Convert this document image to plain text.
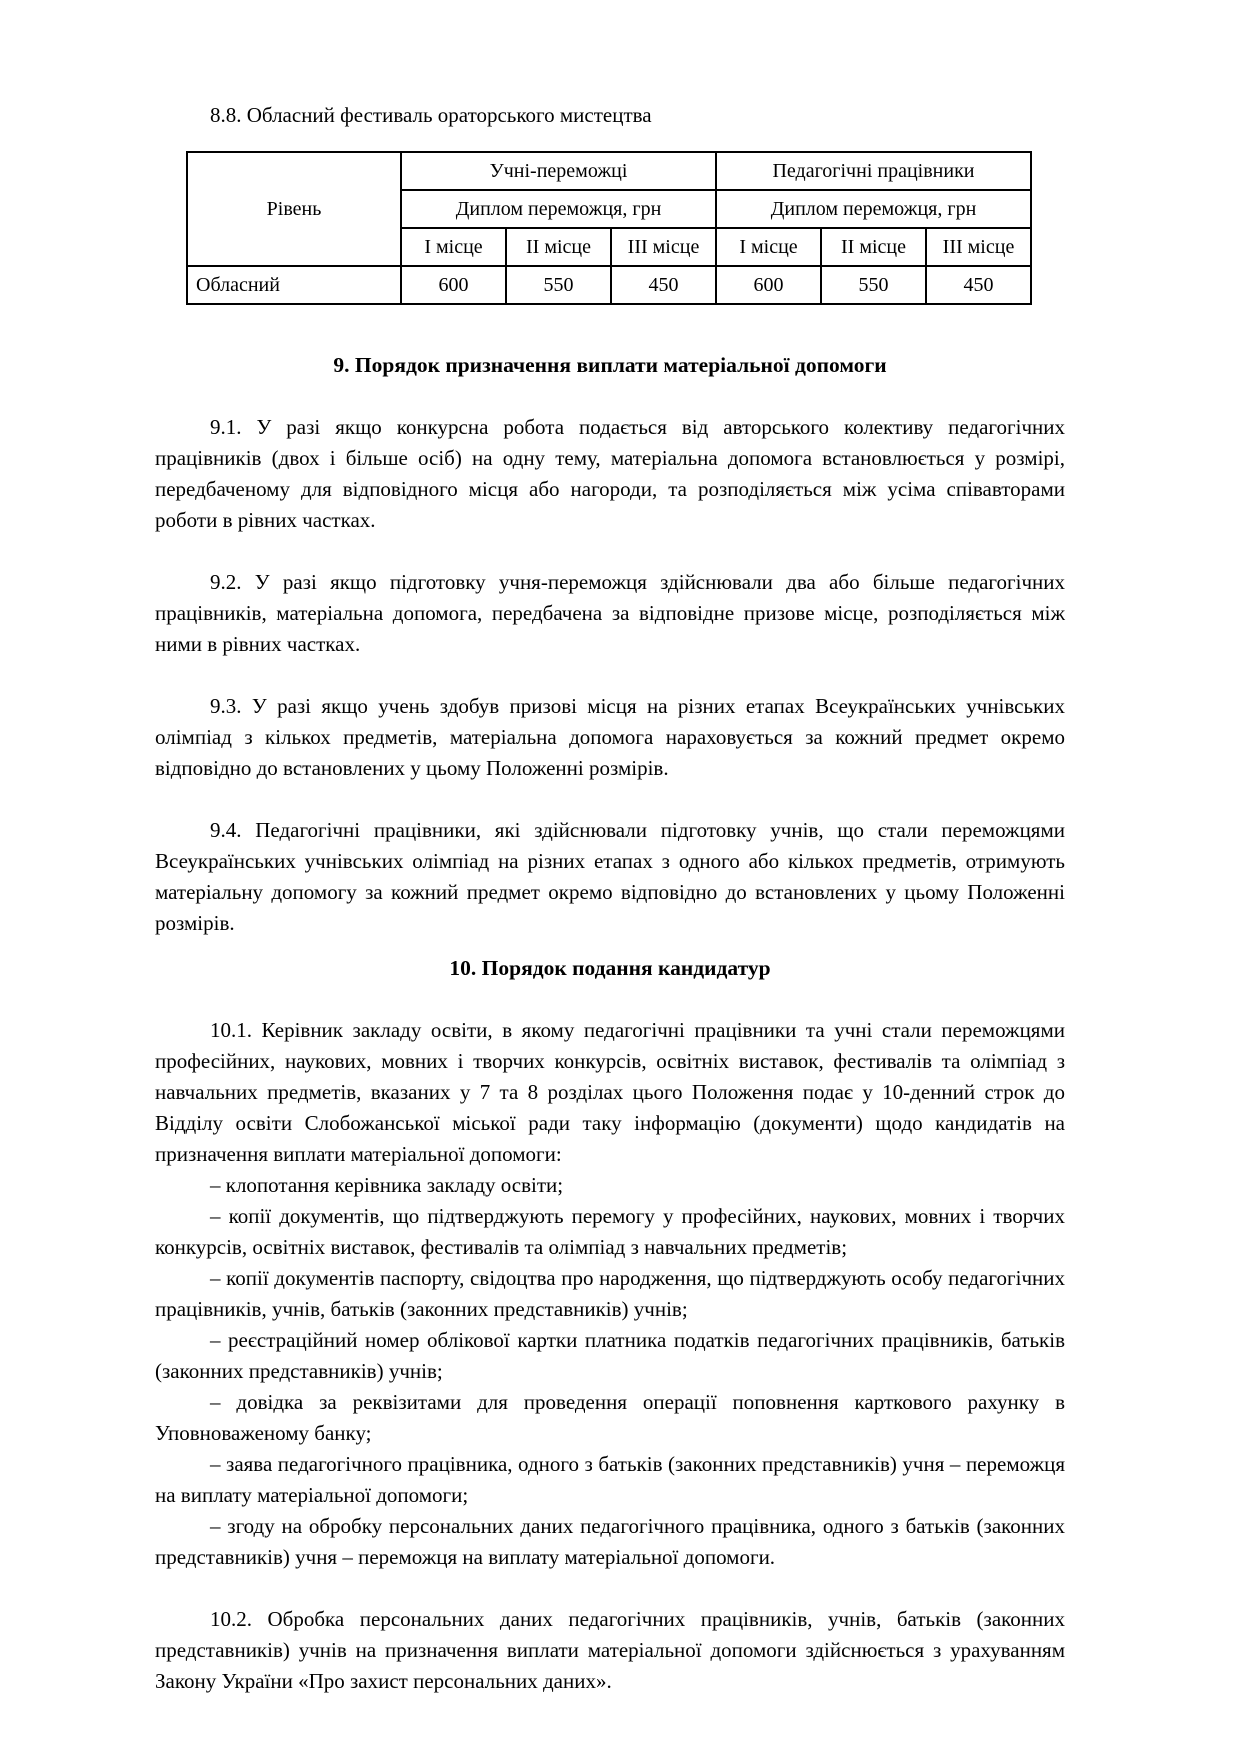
8.8. Обласний фестиваль ораторського мистецтва

Рівень	Учні-переможці			Педагогічні працівники		
	Диплом переможця, грн			Диплом переможця, грн		
	І місце	ІІ місце	ІІІ місце	І місце	ІІ місце	ІІІ місце
Обласний	600	550	450	600	550	450

9. Порядок призначення виплати матеріальної допомоги

9.1. У разі якщо конкурсна робота подається від авторського колективу педагогічних працівників (двох і більше осіб) на одну тему, матеріальна допомога встановлюється у розмірі, передбаченому для відповідного місця або нагороди, та розподіляється між усіма співавторами роботи в рівних частках.

9.2. У разі якщо підготовку учня-переможця здійснювали два або більше педагогічних працівників, матеріальна допомога, передбачена за відповідне призове місце, розподіляється між ними в рівних частках.

9.3. У разі якщо учень здобув призові місця на різних етапах Всеукраїнських учнівських олімпіад з кількох предметів, матеріальна допомога нараховується за кожний предмет окремо відповідно до встановлених у цьому Положенні розмірів.

9.4. Педагогічні працівники, які здійснювали підготовку учнів, що стали переможцями Всеукраїнських учнівських олімпіад на різних етапах з одного або кількох предметів, отримують матеріальну допомогу за кожний предмет окремо відповідно до встановлених у цьому Положенні розмірів.

10. Порядок подання кандидатур

10.1. Керівник закладу освіти, в якому педагогічні працівники та учні стали переможцями професійних, наукових, мовних і творчих конкурсів, освітніх виставок, фестивалів та олімпіад з навчальних предметів, вказаних у 7 та 8 розділах цього Положення подає у 10-денний строк до Відділу освіти Слобожанської міської ради таку інформацію (документи) щодо кандидатів на призначення виплати матеріальної допомоги:

– клопотання керівника закладу освіти;

– копії документів, що підтверджують перемогу у професійних, наукових, мовних і творчих конкурсів, освітніх виставок, фестивалів та олімпіад з навчальних предметів;

– копії документів паспорту, свідоцтва про народження, що підтверджують особу педагогічних працівників, учнів, батьків (законних представників) учнів;

– реєстраційний номер облікової картки платника податків педагогічних працівників, батьків (законних представників) учнів;

– довідка за реквізитами для проведення операції поповнення карткового рахунку в Уповноваженому банку;

– заява педагогічного працівника, одного з батьків (законних представників) учня – переможця на виплату матеріальної допомоги;

– згоду на обробку персональних даних педагогічного працівника, одного з батьків (законних представників) учня – переможця на виплату матеріальної допомоги.

10.2. Обробка персональних даних педагогічних працівників, учнів, батьків (законних представників) учнів на призначення виплати матеріальної допомоги здійснюється з урахуванням Закону України «Про захист персональних даних».
